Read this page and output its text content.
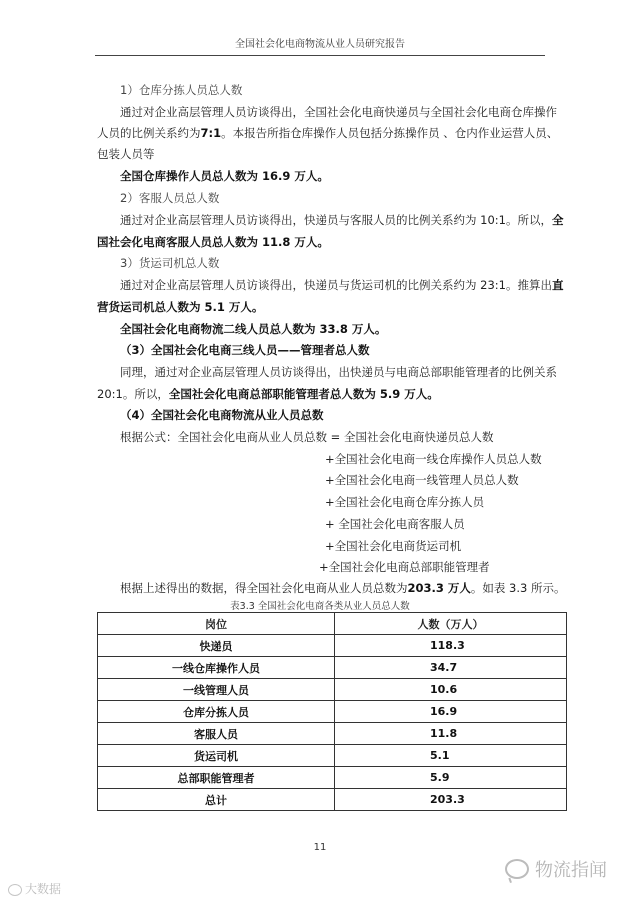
全国社会化电商物流从业人员研究报告
1）仓库分拣人员总人数
通过对企业高层管理人员访谈得出，全国社会化电商快递员与全国社会化电商仓库操作
人员的比例关系约为7:1。本报告所指仓库操作人员包括分拣操作员 、仓内作业运营人员、
包装人员等
全国仓库操作人员总人数为 16.9 万人。
2）客服人员总人数
通过对企业高层管理人员访谈得出，快递员与客服人员的比例关系约为 10:1。所以，全
国社会化电商客服人员总人数为 11.8 万人。
3）货运司机总人数
通过对企业高层管理人员访谈得出，快递员与货运司机的比例关系约为 23:1。推算出直
营货运司机总人数为 5.1 万人。
全国社会化电商物流二线人员总人数为 33.8 万人。
（3）全国社会化电商三线人员——管理者总人数
同理，通过对企业高层管理人员访谈得出，出快递员与电商总部职能管理者的比例关系
20:1。所以，全国社会化电商总部职能管理者总人数为 5.9 万人。
（4）全国社会化电商物流从业人员总数
根据公式：全国社会化电商从业人员总数 = 全国社会化电商快递员总人数
+全国社会化电商一线仓库操作人员总人数
+全国社会化电商一线管理人员总人数
+全国社会化电商仓库分拣人员
+ 全国社会化电商客服人员
+全国社会化电商货运司机
+全国社会化电商总部职能管理者
根据上述得出的数据，得全国社会化电商从业人员总数为203.3 万人。如表 3.3 所示。
表3.3 全国社会化电商各类从业人员总人数
岗位	人数（万人）
快递员	118.3
一线仓库操作人员	34.7
一线管理人员	10.6
仓库分拣人员	16.9
客服人员	11.8
货运司机	5.1
总部职能管理者	5.9
总计	203.3
11
大数据
物流指闻
